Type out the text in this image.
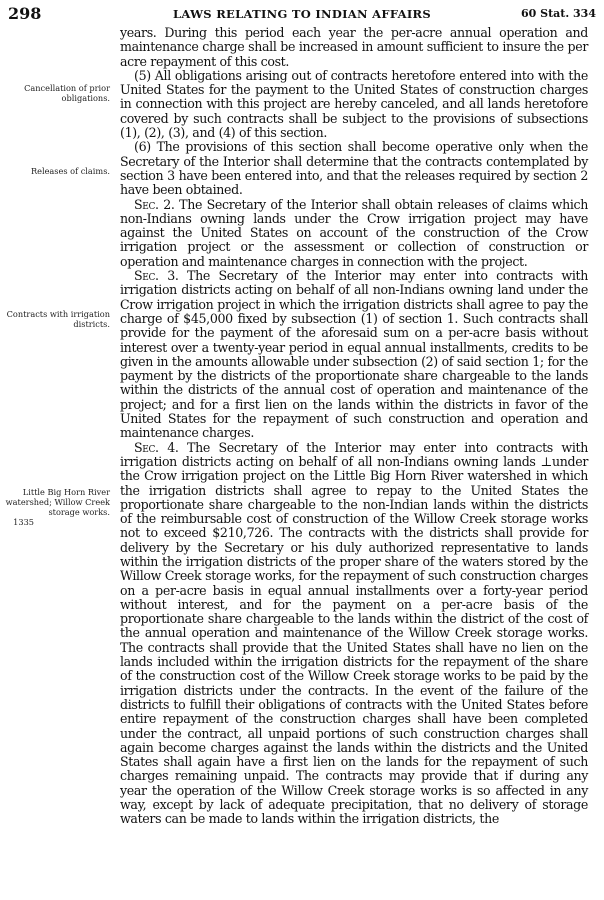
298	LAWS RELATING TO INDIAN AFFAIRS	60 Stat. 334
Cancellation of prior obligations.
Releases of claims.
Contracts with irrigation districts.
Little Big Horn River watershed; Willow Creek storage works.
1335

years. During this period each year the per-acre annual operation and maintenance charge shall be increased in amount sufficient to insure the per acre repayment of this cost.

(5) All obligations arising out of contracts heretofore entered into with the United States for the payment to the United States of construction charges in connection with this project are hereby canceled, and all lands heretofore covered by such contracts shall be subject to the provisions of subsections (1), (2), (3), and (4) of this section.

(6) The provisions of this section shall become operative only when the Secretary of the Interior shall determine that the contracts contemplated by section 3 have been entered into, and that the releases required by section 2 have been obtained.

Sec. 2. The Secretary of the Interior shall obtain releases of claims which non-Indians owning lands under the Crow irrigation project may have against the United States on account of the construction of the Crow irrigation project or the assessment or collection of construction or operation and maintenance charges in connection with the project.

Sec. 3. The Secretary of the Interior may enter into contracts with irrigation districts acting on behalf of all non-Indians owning land under the Crow irrigation project in which the irrigation districts shall agree to pay the charge of $45,000 fixed by subsection (1) of section 1. Such contracts shall provide for the payment of the aforesaid sum on a per-acre basis without interest over a twenty-year period in equal annual installments, credits to be given in the amounts allowable under subsection (2) of said section 1; for the payment by the districts of the proportionate share chargeable to the lands within the districts of the annual cost of operation and maintenance of the project; and for a first lien on the lands within the districts in favor of the United States for the repayment of such construction and operation and maintenance charges.

Sec. 4. The Secretary of the Interior may enter into contracts with irrigation districts acting on behalf of all non-Indians owning lands ⊥under the Crow irrigation project on the Little Big Horn River watershed in which the irrigation districts shall agree to repay to the United States the proportionate share chargeable to the non-Indian lands within the districts of the reimbursable cost of construction of the Willow Creek storage works not to exceed $210,726. The contracts with the districts shall provide for delivery by the Secretary or his duly authorized representative to lands within the irrigation districts of the proper share of the waters stored by the Willow Creek storage works, for the repayment of such construction charges on a per-acre basis in equal annual installments over a forty-year period without interest, and for the payment on a per-acre basis of the proportionate share chargeable to the lands within the district of the cost of the annual operation and maintenance of the Willow Creek storage works. The contracts shall provide that the United States shall have no lien on the lands included within the irrigation districts for the repayment of the share of the construction cost of the Willow Creek storage works to be paid by the irrigation districts under the contracts. In the event of the failure of the districts to fulfill their obligations of contracts with the United States before entire repayment of the construction charges shall have been completed under the contract, all unpaid portions of such construction charges shall again become charges against the lands within the districts and the United States shall again have a first lien on the lands for the repayment of such charges remaining unpaid. The contracts may provide that if during any year the operation of the Willow Creek storage works is so affected in any way, except by lack of adequate precipitation, that no delivery of storage waters can be made to lands within the irrigation districts, the
